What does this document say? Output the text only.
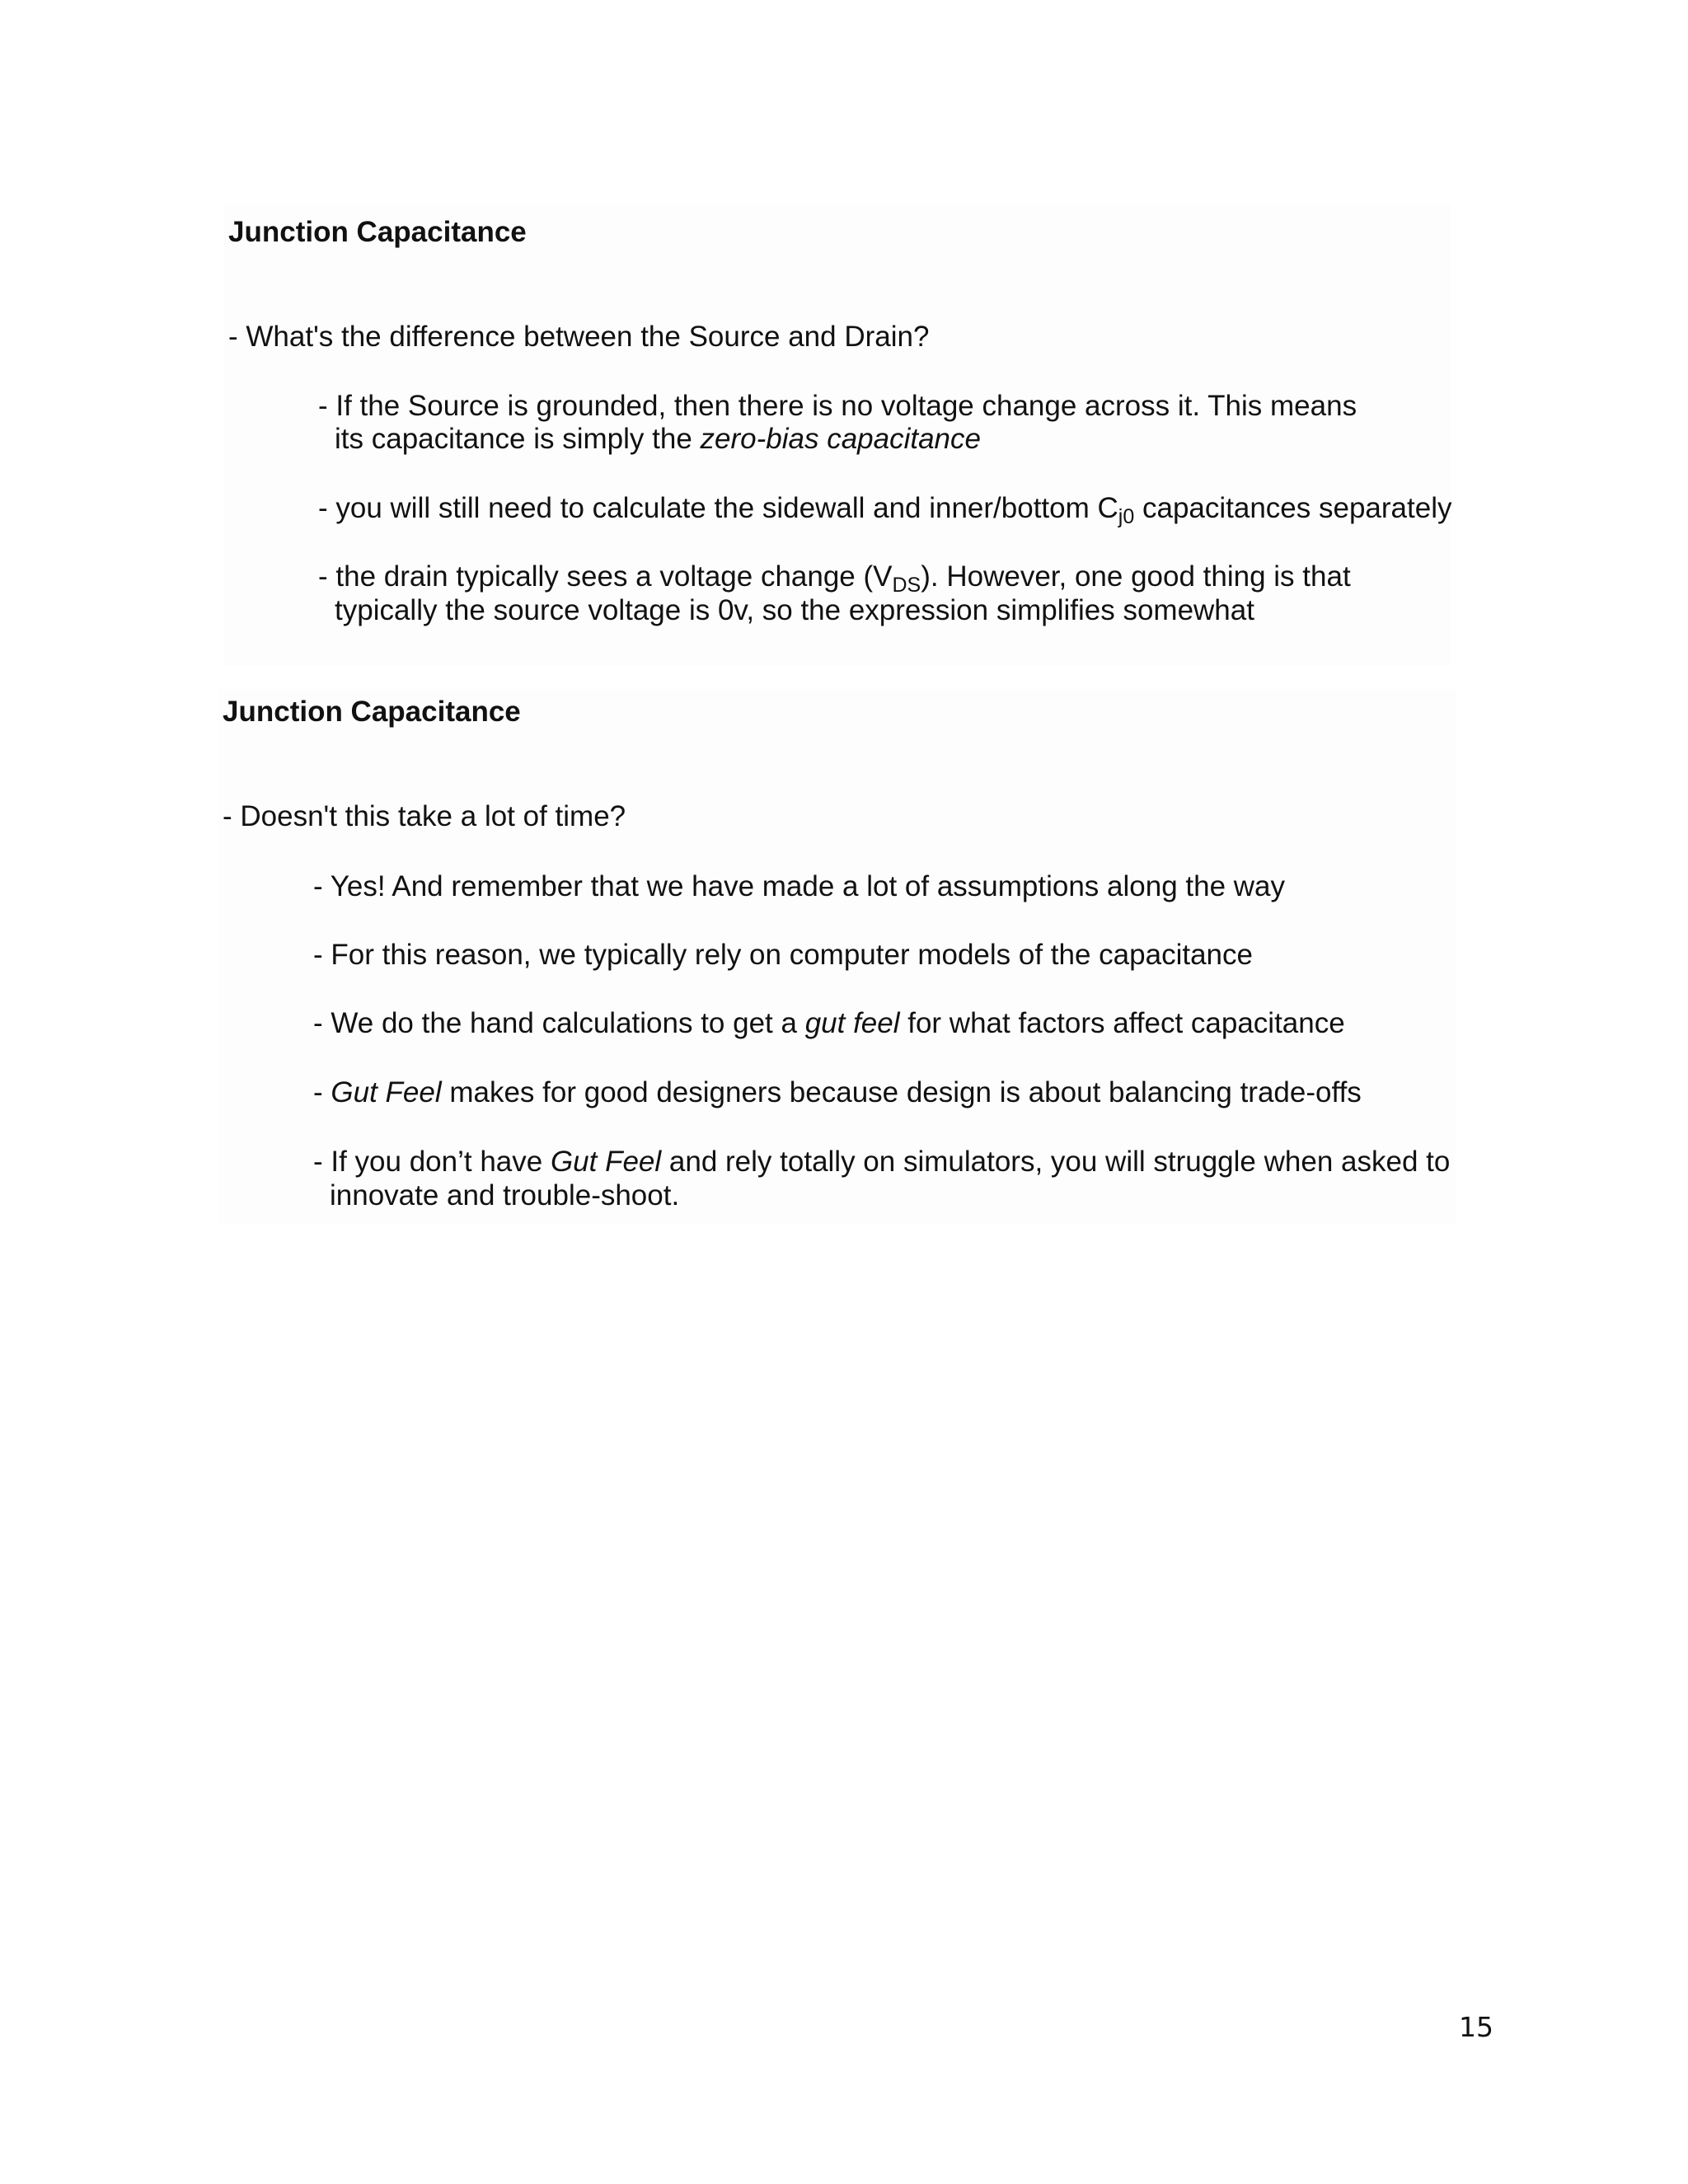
Junction Capacitance

- What's the difference between the Source and Drain?

- If the Source is grounded, then there is no voltage change across it. This means

its capacitance is simply the zero-bias capacitance

- you will still need to calculate the sidewall and inner/bottom $C_{j0}$ capacitances separately

- the drain typically sees a voltage change $(V_{DS})$. However, one good thing is that

typically the source voltage is 0v, so the expression simplifies somewhat

Junction Capacitance

- Doesn't this take a lot of time?

- Yes! And remember that we have made a lot of assumptions along the way

- For this reason, we typically rely on computer models of the capacitance

- We do the hand calculations to get a gut feel for what factors affect capacitance

- Gut Feel makes for good designers because design is about balancing trade-offs

- If you don’t have Gut Feel and rely totally on simulators, you will struggle when asked to

innovate and trouble-shoot.

15
